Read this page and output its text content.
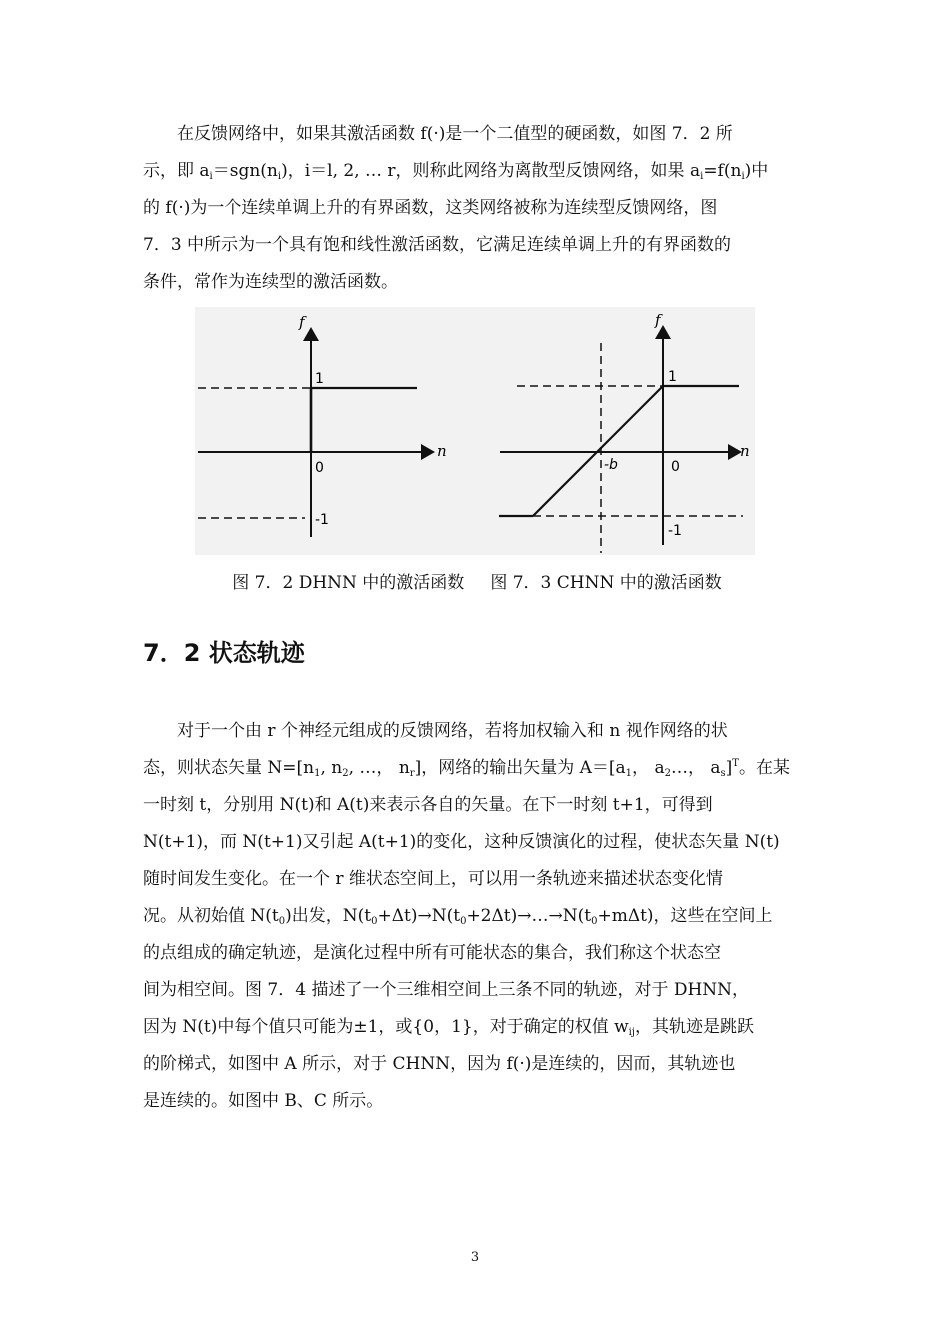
在反馈网络中，如果其激活函数 f(·)是一个二值型的硬函数，如图 7．2 所
示，即 $a_i=sgn(n_i)$，i＝l, 2, … r，则称此网络为离散型反馈网络，如果 $a_i=f(n_i)$中
的 f(·)为一个连续单调上升的有界函数，这类网络被称为连续型反馈网络，图
7．3 中所示为一个具有饱和线性激活函数，它满足连续单调上升的有界函数的
条件，常作为连续型的激活函数。
f
n
1
0
-1
f
n
1
0
-1
-b
图 7．2 DHNN 中的激活函数 图 7．3 CHNN 中的激活函数
7．2 状态轨迹
对于一个由 r 个神经元组成的反馈网络，若将加权输入和 n 视作网络的状
态，则状态矢量 $N=[n_1$, $n_2$, …， $n_r$]，网络的输出矢量为 $A=[a_1$， $a_2\dots$， $a_s]^T$。在某
一时刻 t，分别用 N(t)和 A(t)来表示各自的矢量。在下一时刻 t+1，可得到
N(t+1)，而 N(t+1)又引起 A(t+1)的变化，这种反馈演化的过程，使状态矢量 N(t)
随时间发生变化。在一个 r 维状态空间上，可以用一条轨迹来描述状态变化情
况。从初始值 $N(t_0)$出发，$N(t_0+\Delta t)\to N(t_0+2\Delta t)\to\dots\to N(t_0+m\Delta t)$，这些在空间上
的点组成的确定轨迹，是演化过程中所有可能状态的集合，我们称这个状态空
间为相空间。图 7．4 描述了一个三维相空间上三条不同的轨迹，对于 DHNN，
因为 N(t)中每个值只可能为±1，或{0，1}，对于确定的权值 $w_{ij}$，其轨迹是跳跃
的阶梯式，如图中 A 所示，对于 CHNN，因为 f(·)是连续的，因而，其轨迹也
是连续的。如图中 B、C 所示。
3
